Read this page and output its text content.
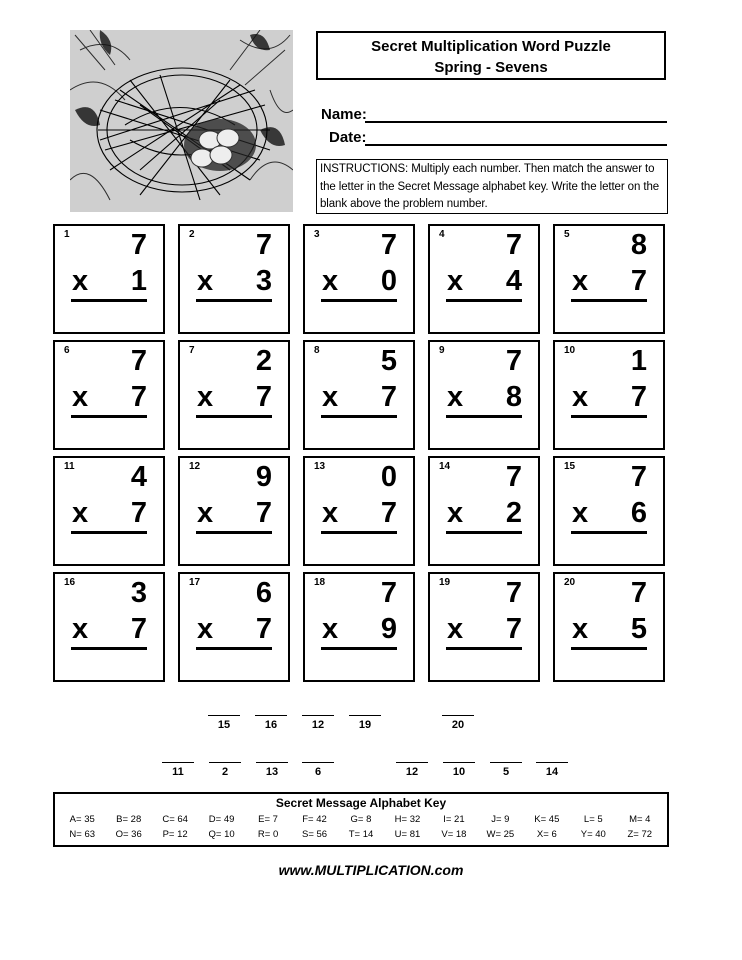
Secret Multiplication Word Puzzle
Spring - Sevens
Name:
Date:
INSTRUCTIONS: Multiply each number. Then match the answer to the letter in the Secret Message alphabet key. Write the letter on the blank above the problem number.
1 7
x 1
2 7
x 3
3 7
x 0
4 7
x 4
5 8
x 7
6 7
x 7
7 2
x 7
8 5
x 7
9 7
x 8
10 1
x 7
11 4
x 7
12 9
x 7
13 0
x 7
14 7
x 2
15 7
x 6
16 3
x 7
17 6
x 7
18 7
x 9
19 7
x 7
20 7
x 5
15	16	12	19	20
11	2	13	6	12	10	5	14
Secret Message Alphabet Key
A= 35	B= 28	C= 64	D= 49	E= 7	F= 42	G= 8	H= 32	I= 21	J= 9	K= 45	L= 5	M= 4
N= 63	O= 36	P= 12	Q= 10	R= 0	S= 56	T= 14	U= 81	V= 18	W= 25	X= 6	Y= 40	Z= 72
www.MULTIPLICATION.com
